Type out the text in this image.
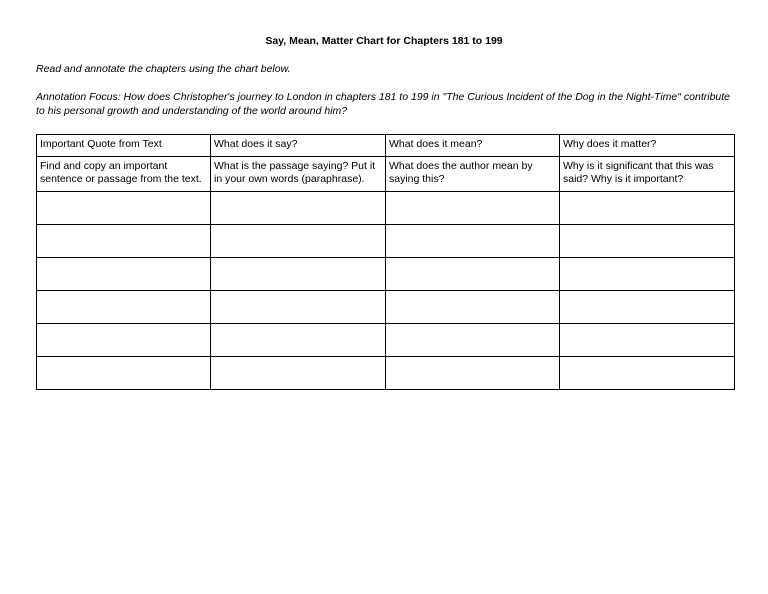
Say, Mean, Matter Chart for Chapters 181 to 199
Read and annotate the chapters using the chart below.
Annotation Focus: How does Christopher's journey to London in chapters 181 to 199 in "The Curious Incident of the Dog in the Night-Time" contribute to his personal growth and understanding of the world around him?
Important Quote from Text	What does it say?	What does it mean?	Why does it matter?
Find and copy an important sentence or passage from the text.	What is the passage saying? Put it in your own words (paraphrase).	What does the author mean by saying this?	Why is it significant that this was said? Why is it important?
